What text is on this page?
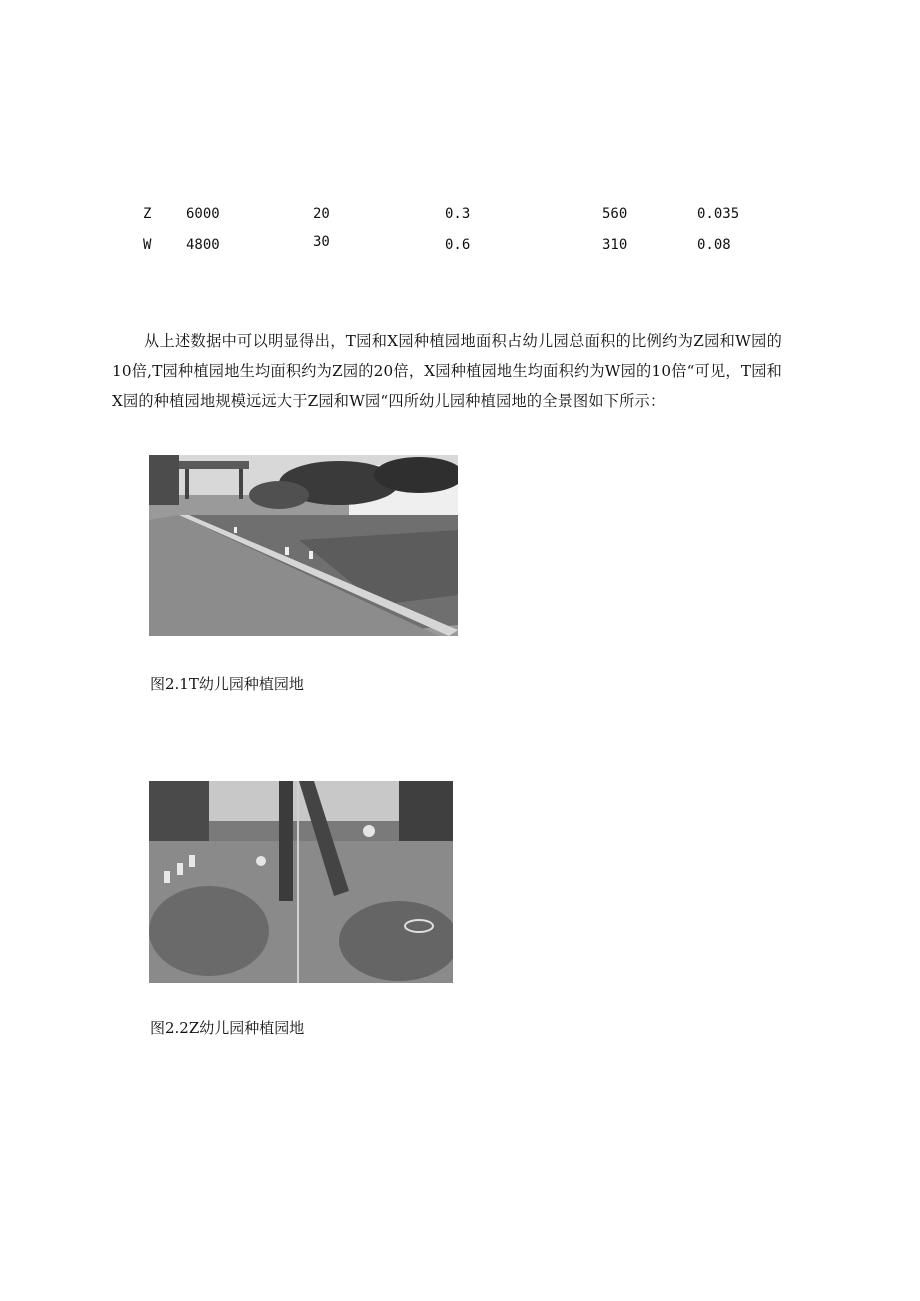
Z 6000	20	0.3	560	0.035
W 4800	30	0.6	310	0.08

从上述数据中可以明显得出，T园和X园种植园地面积占幼儿园总面积的比例约为Z园和W园的10倍,T园种植园地生均面积约为Z园的20倍，X园种植园地生均面积约为W园的10倍“可见，T园和X园的种植园地规模远远大于Z园和W园“四所幼儿园种植园地的全景图如下所示：

图2.1T幼儿园种植园地
图2.2Z幼儿园种植园地
